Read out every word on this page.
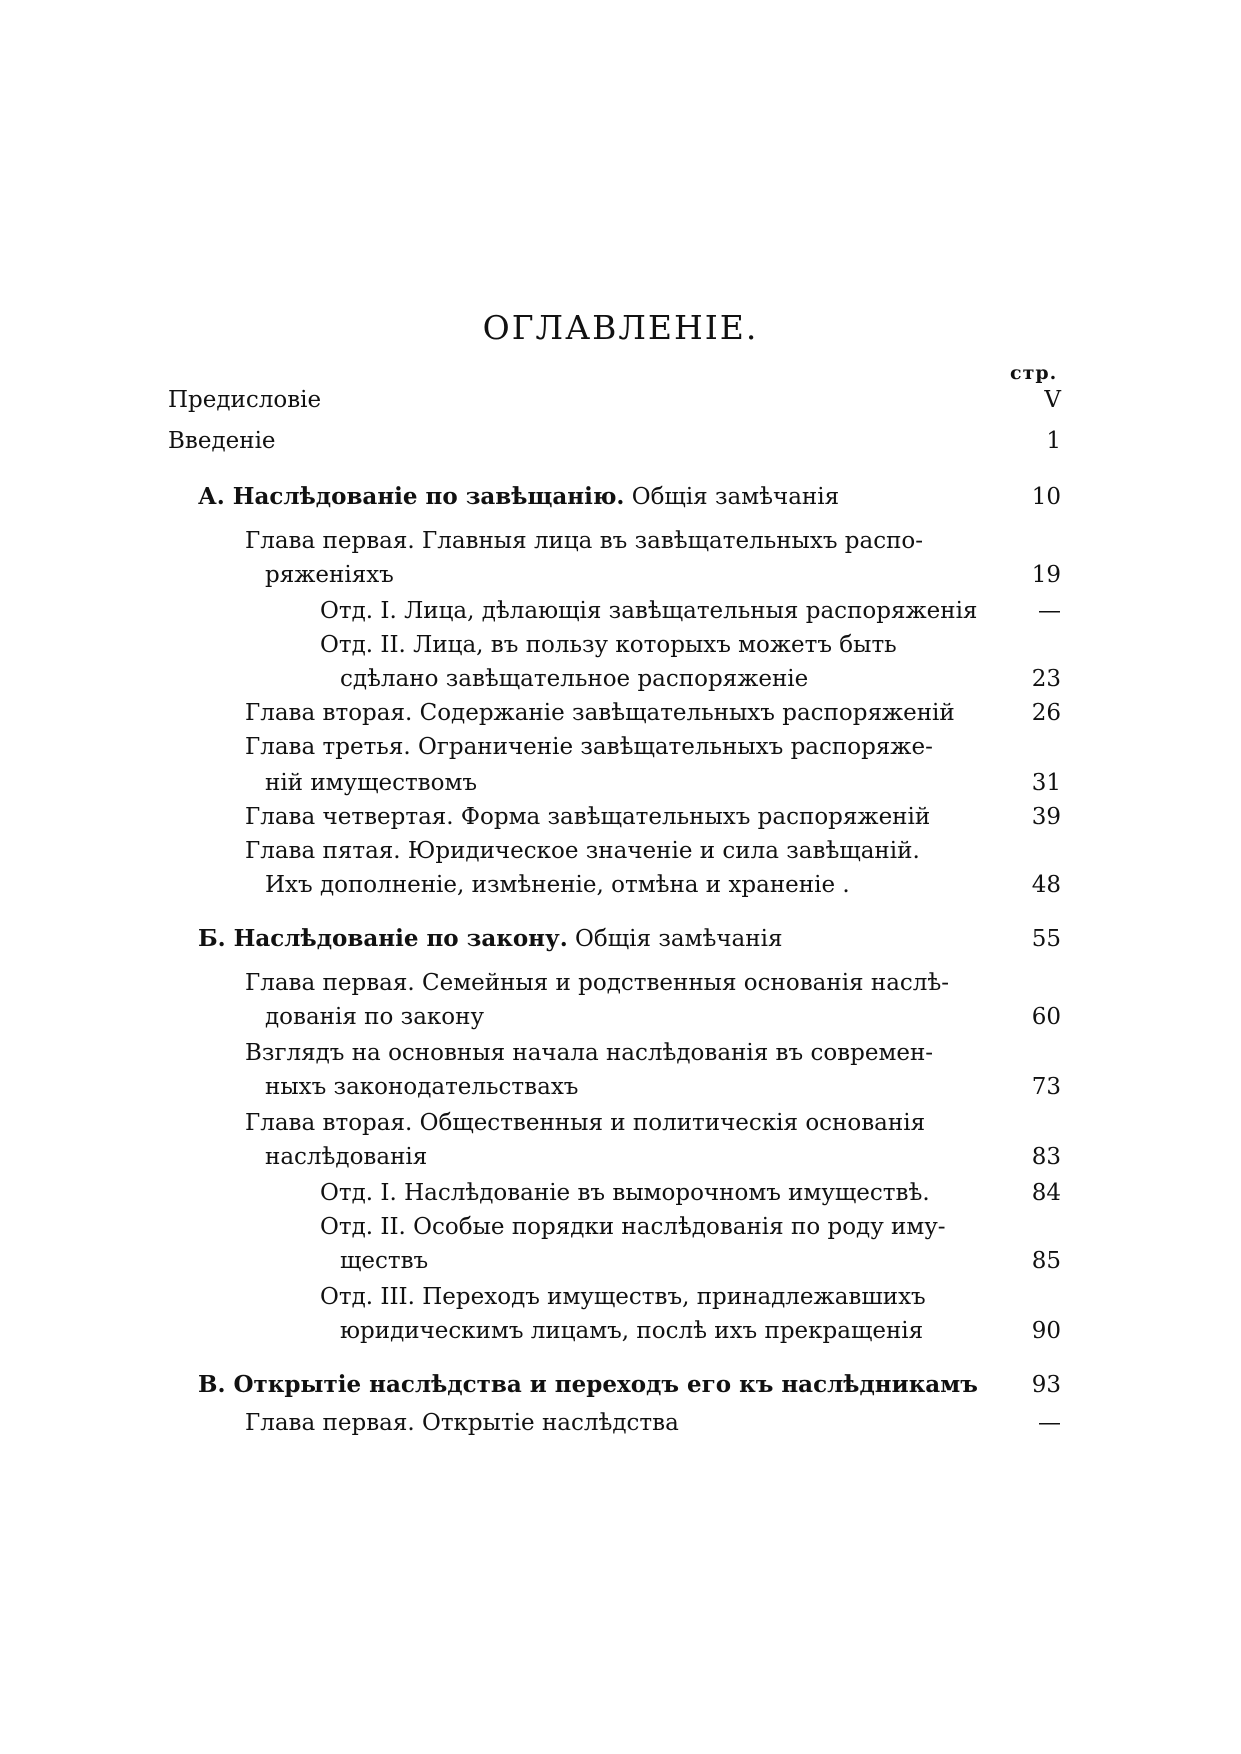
ОГЛАВЛЕНІЕ.
стр.
Предисловіе	V
Введеніе	1
А. Наслѣдованіе по завѣщанію. Общія замѣчанія	10
Глава первая. Главныя лица въ завѣщательныхъ распо-
ряженіяхъ	19
Отд. I. Лица, дѣлающія завѣщательныя распоряженія	—
Отд. II. Лица, въ пользу которыхъ можетъ быть
сдѣлано завѣщательное распоряженіе	23
Глава вторая. Содержаніе завѣщательныхъ распоряженій	26
Глава третья. Ограниченіе завѣщательныхъ распоряже-
ній имуществомъ	31
Глава четвертая. Форма завѣщательныхъ распоряженій	39
Глава пятая. Юридическое значеніе и сила завѣщаній.
Ихъ дополненіе, измѣненіе, отмѣна и храненіе .	48
Б. Наслѣдованіе по закону. Общія замѣчанія	55
Глава первая. Семейныя и родственныя основанія наслѣ-
дованія по закону	60
Взглядъ на основныя начала наслѣдованія въ современ-
ныхъ законодательствахъ	73
Глава вторая. Общественныя и политическія основанія
наслѣдованія	83
Отд. I. Наслѣдованіе въ выморочномъ имуществѣ.	84
Отд. II. Особые порядки наслѣдованія по роду иму-
ществъ	85
Отд. III. Переходъ имуществъ, принадлежавшихъ
юридическимъ лицамъ, послѣ ихъ прекращенія	90
В. Открытіе наслѣдства и переходъ его къ наслѣдникамъ 93
Глава первая. Открытіе наслѣдства	—
